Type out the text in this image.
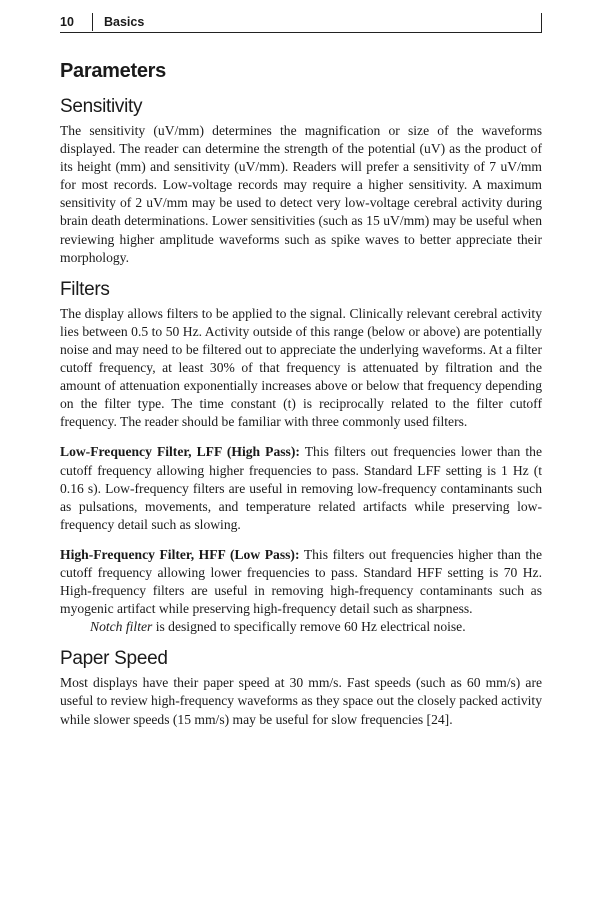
10 Basics
Parameters
Sensitivity

The sensitivity (uV/mm) determines the magnification or size of the waveforms displayed. The reader can determine the strength of the potential (uV) as the product of its height (mm) and sensitivity (uV/mm). Readers will prefer a sensitivity of 7 uV/mm for most records. Low-voltage records may require a higher sensitivity. A maximum sensitivity of 2 uV/mm may be used to detect very low-voltage cerebral activity during brain death determinations. Lower sensitivities (such as 15 uV/mm) may be useful when reviewing higher amplitude waveforms such as spike waves to better appreciate their morphology.

Filters

The display allows filters to be applied to the signal. Clinically relevant cerebral activity lies between 0.5 to 50 Hz. Activity outside of this range (below or above) are potentially noise and may need to be filtered out to appreciate the underlying waveforms. At a filter cutoff frequency, at least 30% of that frequency is attenuated by filtration and the amount of attenuation exponentially increases above or below that frequency depending on the filter type. The time constant (t) is reciprocally related to the filter cutoff frequency. The reader should be familiar with three commonly used filters.

Low-Frequency Filter, LFF (High Pass): This filters out frequencies lower than the cutoff frequency allowing higher frequencies to pass. Standard LFF setting is 1 Hz (t 0.16 s). Low-frequency filters are useful in removing low-frequency contaminants such as pulsations, movements, and temperature related artifacts while preserving low-frequency detail such as slowing.

High-Frequency Filter, HFF (Low Pass): This filters out frequencies higher than the cutoff frequency allowing lower frequencies to pass. Standard HFF setting is 70 Hz. High-frequency filters are useful in removing high-frequency contaminants such as myogenic artifact while preserving high-frequency detail such as sharpness.

Notch filter is designed to specifically remove 60 Hz electrical noise.

Paper Speed

Most displays have their paper speed at 30 mm/s. Fast speeds (such as 60 mm/s) are useful to review high-frequency waveforms as they space out the closely packed activity while slower speeds (15 mm/s) may be useful for slow frequencies [24].
